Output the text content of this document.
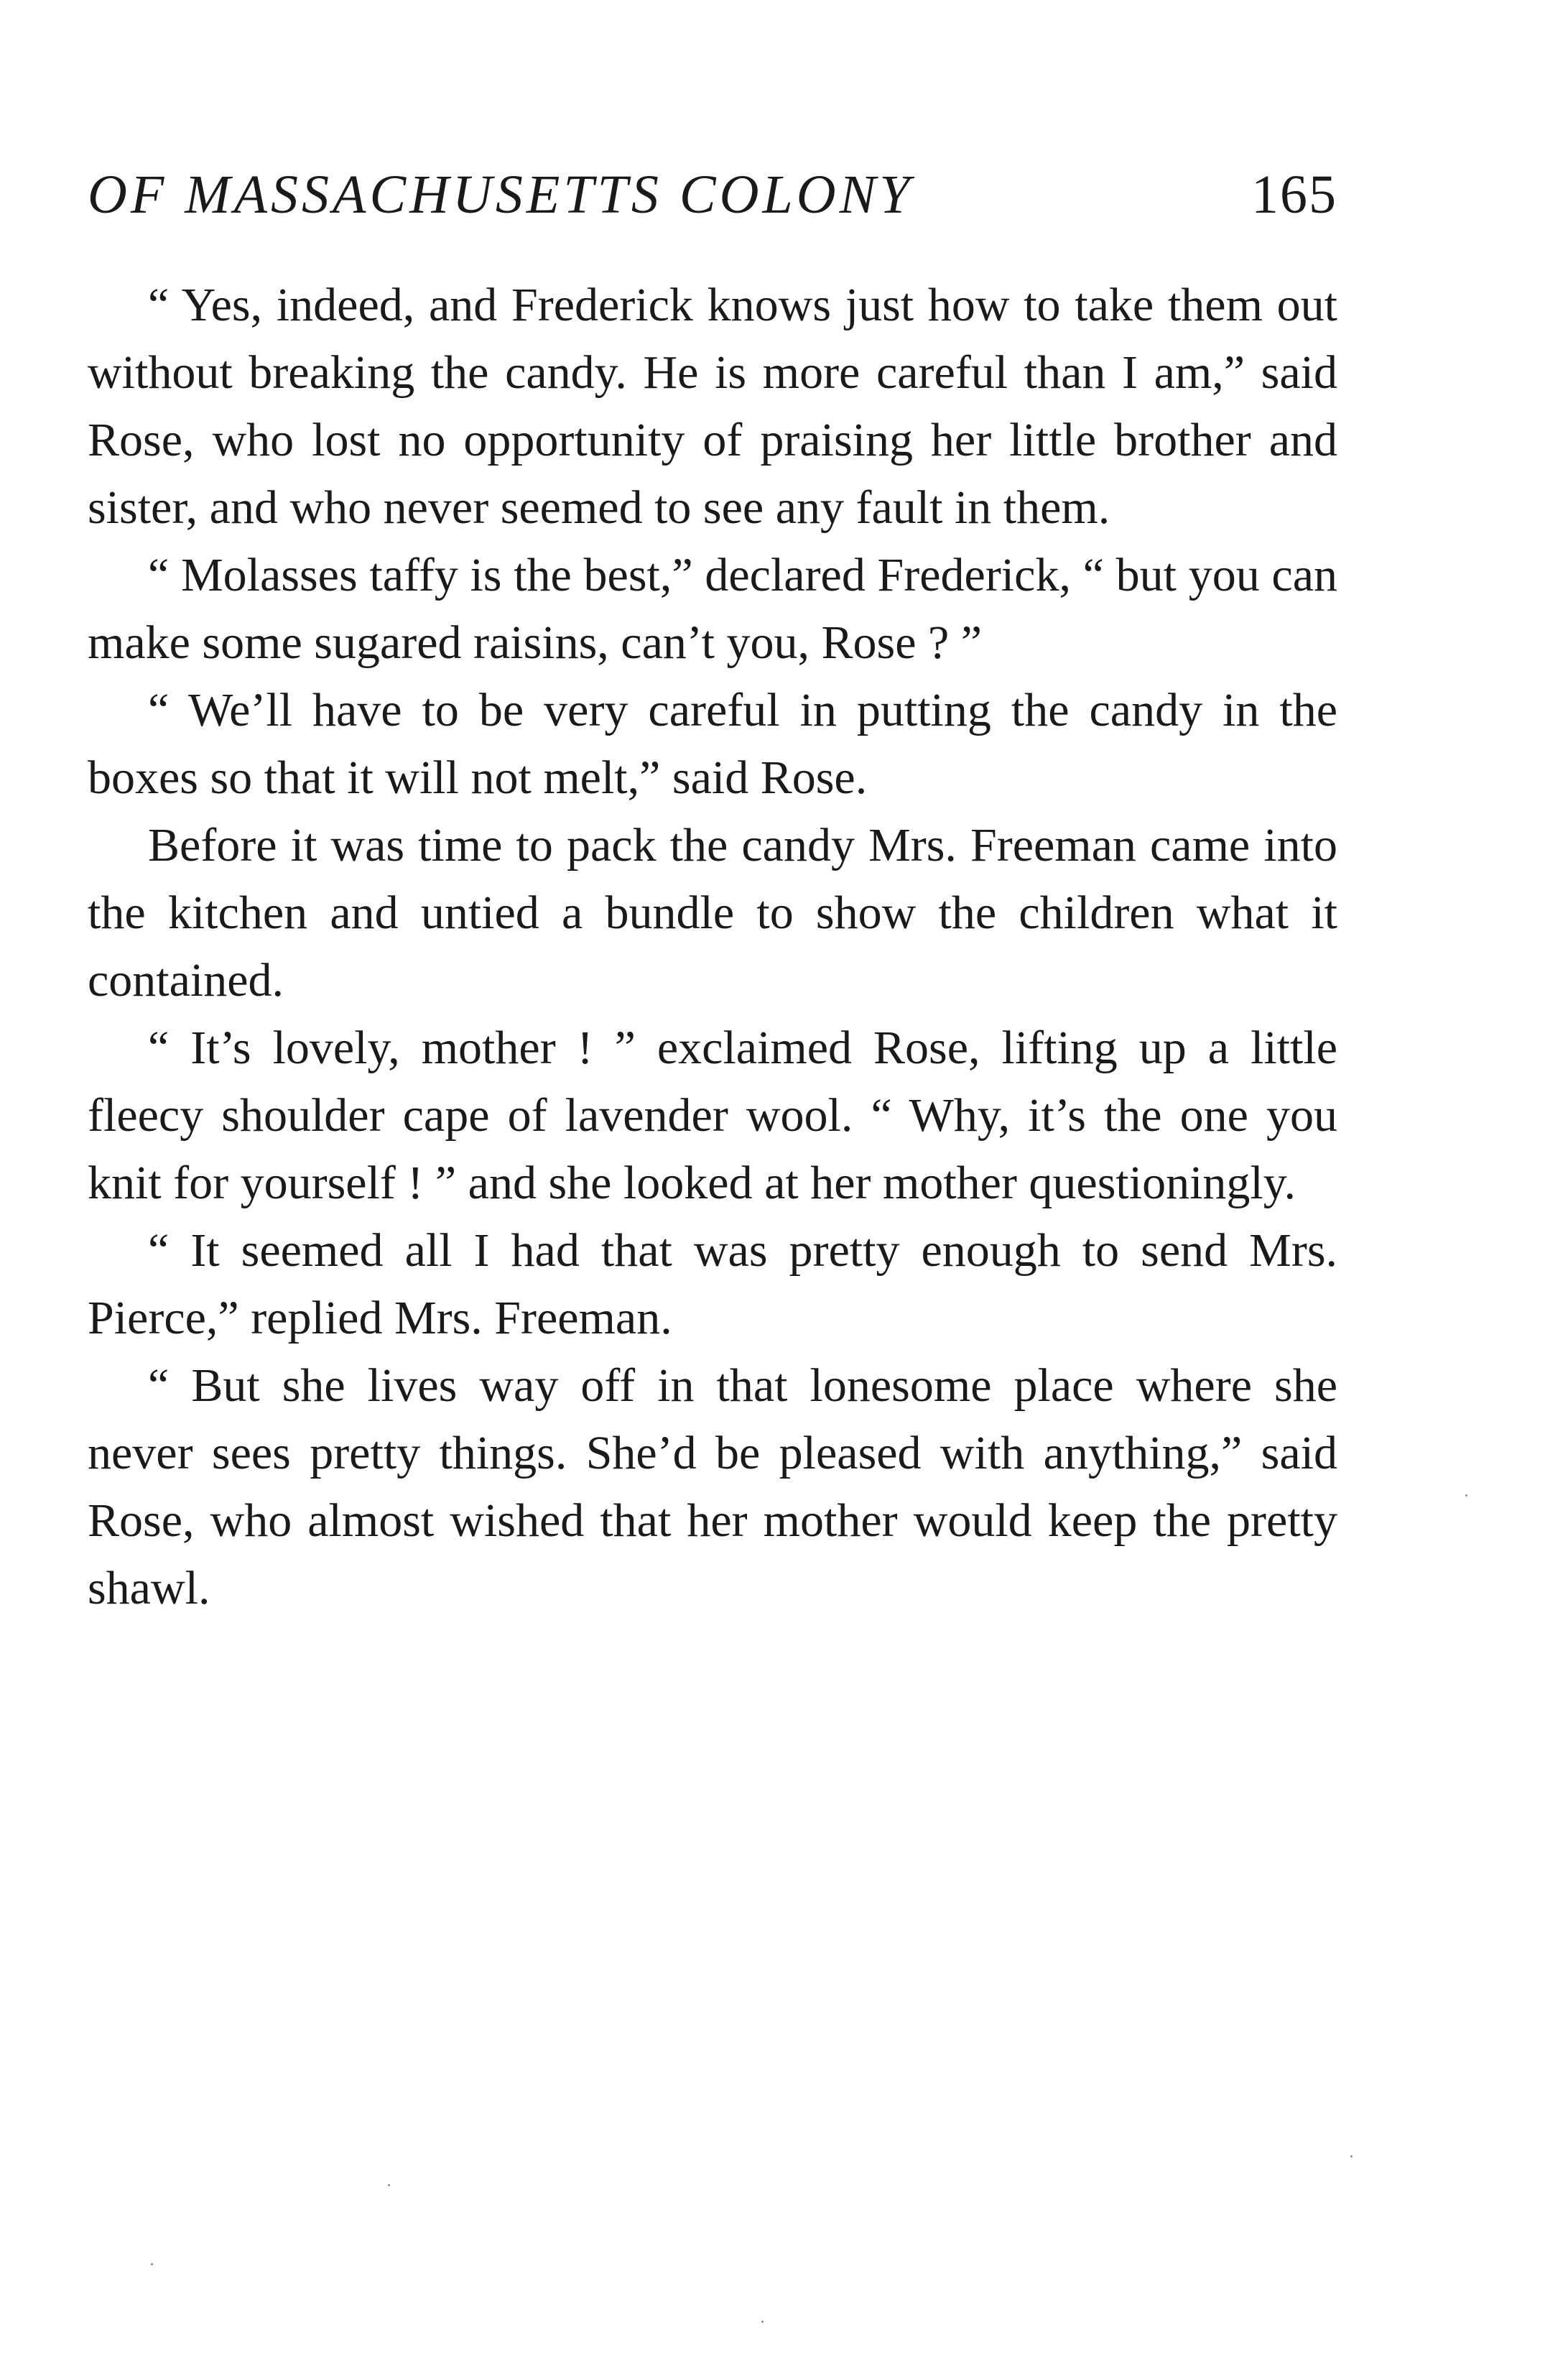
OF MASSACHUSETTS COLONY	165

“ Yes, indeed, and Frederick knows just how to take them out without breaking the candy. He is more careful than I am,” said Rose, who lost no opportunity of praising her little brother and sister, and who never seemed to see any fault in them.

“ Molasses taffy is the best,” declared Frederick, “ but you can make some sugared raisins, can’t you, Rose ? ”

“ We’ll have to be very careful in putting the candy in the boxes so that it will not melt,” said Rose.

Before it was time to pack the candy Mrs. Freeman came into the kitchen and untied a bundle to show the children what it contained.

“ It’s lovely, mother ! ” exclaimed Rose, lifting up a little fleecy shoulder cape of lavender wool. “ Why, it’s the one you knit for yourself ! ” and she looked at her mother questioningly.

“ It seemed all I had that was pretty enough to send Mrs. Pierce,” replied Mrs. Freeman.

“ But she lives way off in that lonesome place where she never sees pretty things. She’d be pleased with anything,” said Rose, who almost wished that her mother would keep the pretty shawl.
